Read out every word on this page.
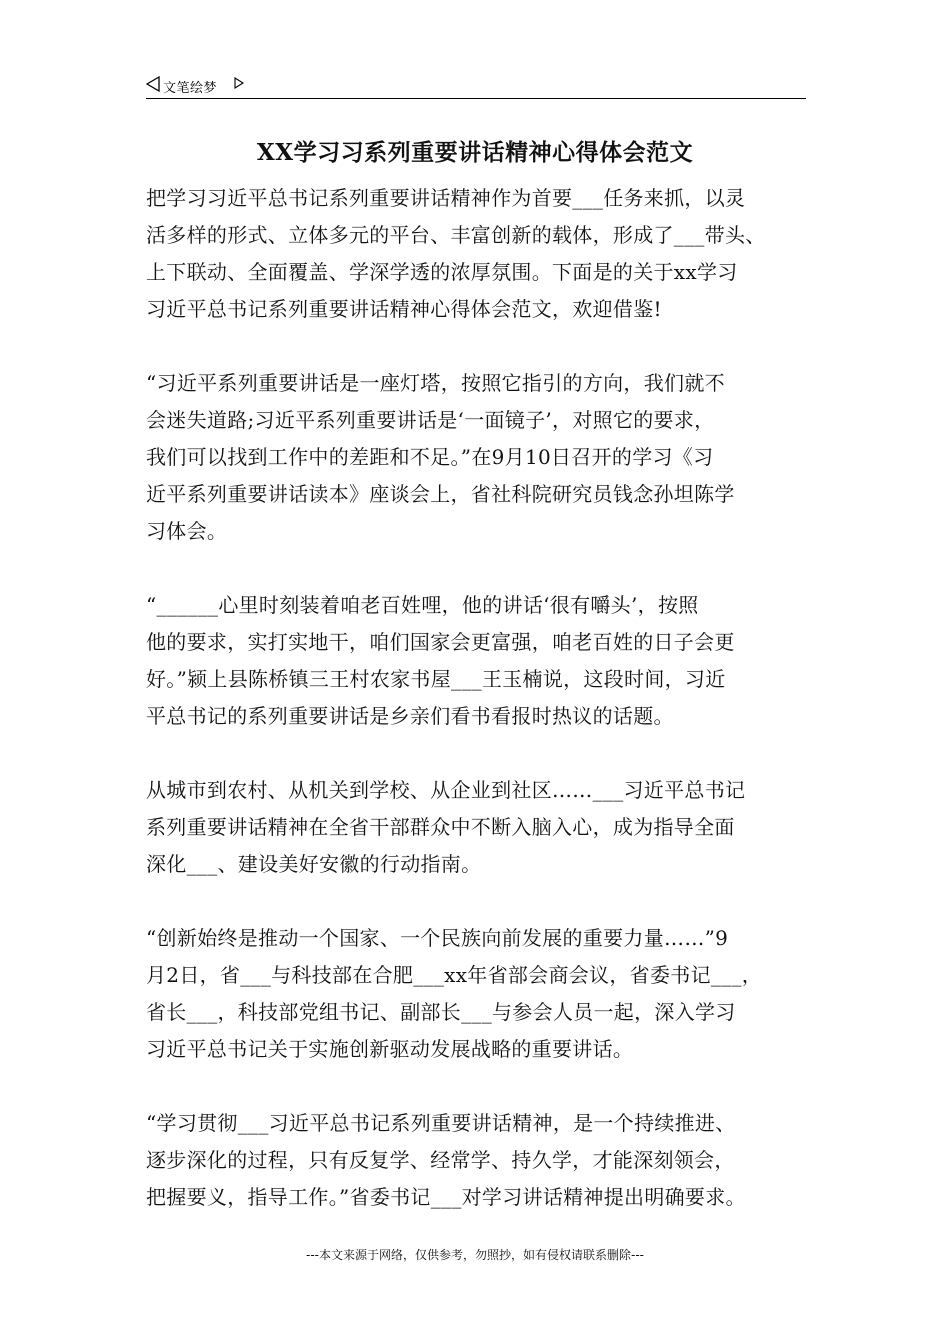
文笔绘梦
XX学习习系列重要讲话精神心得体会范文
把学习习近平总书记系列重要讲话精神作为首要___任务来抓，以灵
活多样的形式、立体多元的平台、丰富创新的载体，形成了___带头、
上下联动、全面覆盖、学深学透的浓厚氛围。下面是的关于xx学习
习近平总书记系列重要讲话精神心得体会范文，欢迎借鉴!
“习近平系列重要讲话是一座灯塔，按照它指引的方向，我们就不
会迷失道路;习近平系列重要讲话是‘一面镜子’，对照它的要求，
我们可以找到工作中的差距和不足。”在9月10日召开的学习《习
近平系列重要讲话读本》座谈会上，省社科院研究员钱念孙坦陈学
习体会。
“______心里时刻装着咱老百姓哩，他的讲话‘很有嚼头’，按照
他的要求，实打实地干，咱们国家会更富强，咱老百姓的日子会更
好。”颍上县陈桥镇三王村农家书屋___王玉楠说，这段时间，习近
平总书记的系列重要讲话是乡亲们看书看报时热议的话题。
从城市到农村、从机关到学校、从企业到社区……___习近平总书记
系列重要讲话精神在全省干部群众中不断入脑入心，成为指导全面
深化___、建设美好安徽的行动指南。
“创新始终是推动一个国家、一个民族向前发展的重要力量……”9
月2日，省___与科技部在合肥___xx年省部会商会议，省委书记___，
省长___，科技部党组书记、副部长___与参会人员一起，深入学习
习近平总书记关于实施创新驱动发展战略的重要讲话。
“学习贯彻___习近平总书记系列重要讲话精神，是一个持续推进、
逐步深化的过程，只有反复学、经常学、持久学，才能深刻领会，
把握要义，指导工作。”省委书记___对学习讲话精神提出明确要求。
---本文来源于网络，仅供参考，勿照抄，如有侵权请联系删除---
